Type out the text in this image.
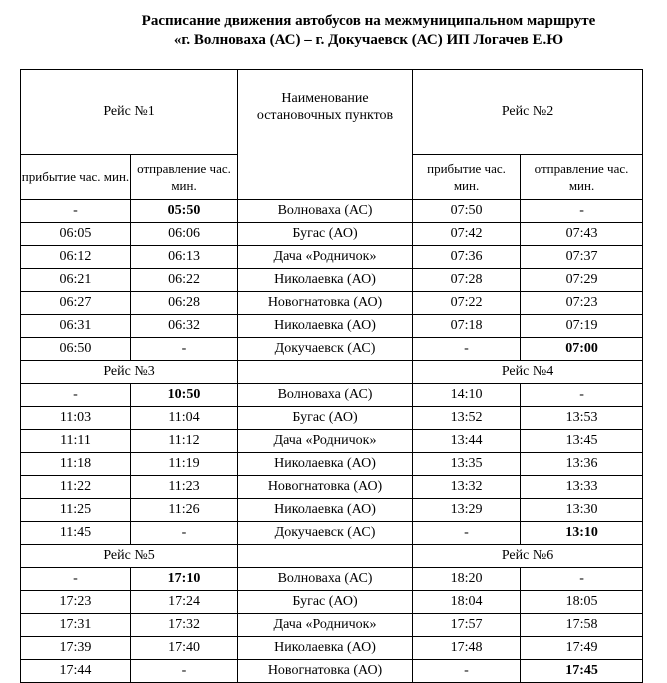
Расписание движения автобусов на межмуниципальном маршруте
«г. Волноваха (АС) – г. Докучаевск (АС) ИП Логачев Е.Ю
Рейс №1		Наименование остановочных пунктов	Рейс №2	
прибытие час. мин.	отправление час. мин.		прибытие час. мин.	отправление час. мин.
-	05:50	Волноваха (АС)	07:50	-
06:05	06:06	Бугас (АО)	07:42	07:43
06:12	06:13	Дача «Родничок»	07:36	07:37
06:21	06:22	Николаевка (АО)	07:28	07:29
06:27	06:28	Новогнатовка (АО)	07:22	07:23
06:31	06:32	Николаевка (АО)	07:18	07:19
06:50	-	Докучаевск (АС)	-	07:00
Рейс №3			Рейс №4	
-	10:50	Волноваха (АС)	14:10	-
11:03	11:04	Бугас (АО)	13:52	13:53
11:11	11:12	Дача «Родничок»	13:44	13:45
11:18	11:19	Николаевка (АО)	13:35	13:36
11:22	11:23	Новогнатовка (АО)	13:32	13:33
11:25	11:26	Николаевка (АО)	13:29	13:30
11:45	-	Докучаевск (АС)	-	13:10
Рейс №5			Рейс №6	
-	17:10	Волноваха (АС)	18:20	-
17:23	17:24	Бугас (АО)	18:04	18:05
17:31	17:32	Дача «Родничок»	17:57	17:58
17:39	17:40	Николаевка (АО)	17:48	17:49
17:44	-	Новогнатовка (АО)	-	17:45
